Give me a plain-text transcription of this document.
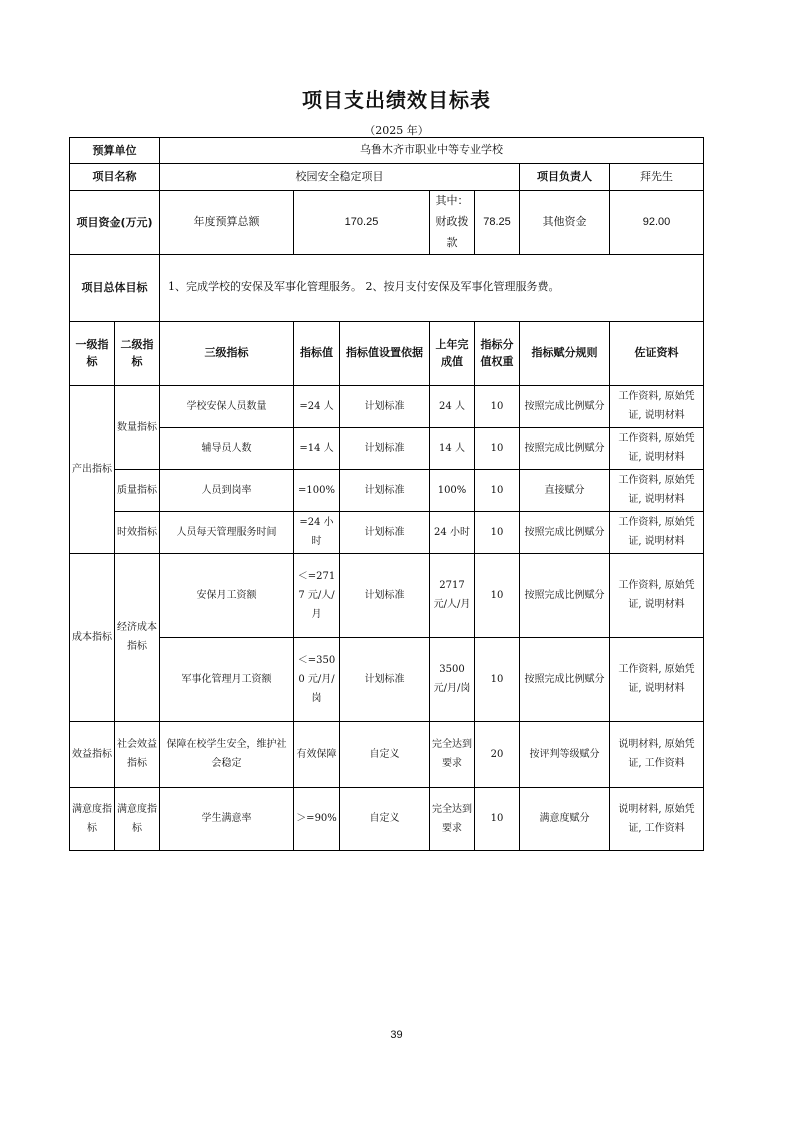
项目支出绩效目标表
（2025 年）
预算单位		乌鲁木齐市职业中等专业学校						
项目名称		校园安全稳定项目					项目负责人	拜先生
项目资金(万元)		年度预算总额	170.25		其中：财政拨款	78.25	其他资金	92.00
项目总体目标		1、完成学校的安保及军事化管理服务。 2、按月支付安保及军事化管理服务费。						
一级指标	二级指标	三级指标	指标值	指标值设置依据	上年完成值	指标分值权重	指标赋分规则	佐证资料
产出指标	数量指标	学校安保人员数量	=24 人	计划标准	24 人	10	按照完成比例赋分	工作资料, 原始凭证, 说明材料
		辅导员人数	=14 人	计划标准	14 人	10	按照完成比例赋分	工作资料, 原始凭证, 说明材料
	质量指标	人员到岗率	=100%	计划标准	100%	10	直接赋分	工作资料, 原始凭证, 说明材料
	时效指标	人员每天管理服务时间	=24 小时	计划标准	24 小时	10	按照完成比例赋分	工作资料, 原始凭证, 说明材料
成本指标	经济成本指标	安保月工资额	＜=2717 元/人/月	计划标准	2717 元/人/月	10	按照完成比例赋分	工作资料, 原始凭证, 说明材料
		军事化管理月工资额	＜=3500 元/月/岗	计划标准	3500 元/月/岗	10	按照完成比例赋分	工作资料, 原始凭证, 说明材料
效益指标	社会效益指标	保障在校学生安全，维护社会稳定	有效保障	自定义	完全达到要求	20	按评判等级赋分	说明材料, 原始凭证, 工作资料
满意度指标	满意度指标	学生满意率	＞=90%	自定义	完全达到要求	10	满意度赋分	说明材料, 原始凭证, 工作资料
39
